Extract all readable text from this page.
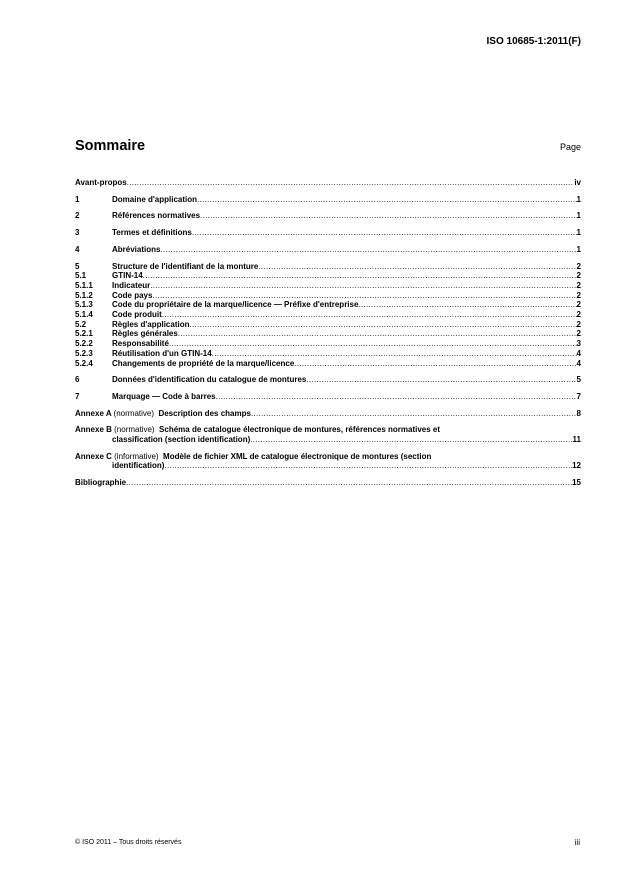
ISO 10685-1:2011(F)
Sommaire	Page
Avant-propos .....	iv
1	Domaine d'application .....	1
2	Références normatives .....	1
3	Termes et définitions .....	1
4	Abréviations .....	1
5	Structure de l'identifiant de la monture .....	2
5.1	GTIN-14 .....	2
5.1.1	Indicateur .....	2
5.1.2	Code pays .....	2
5.1.3	Code du propriétaire de la marque/licence — Préfixe d'entreprise .....	2
5.1.4	Code produit .....	2
5.2	Règles d'application .....	2
5.2.1	Règles générales .....	2
5.2.2	Responsabilité .....	3
5.2.3	Réutilisation d'un GTIN-14 .....	4
5.2.4	Changements de propriété de la marque/licence .....	4
6	Données d'identification du catalogue de montures .....	5
7	Marquage — Code à barres .....	7
Annexe A (normative) Description des champs .....	8
Annexe B (normative) Schéma de catalogue électronique de montures, références normatives et
classification (section identification) .....	11
Annexe C (informative) Modèle de fichier XML de catalogue électronique de montures (section
identification) .....	12
Bibliographie .....	15
© ISO 2011 – Tous droits réservés	iii
